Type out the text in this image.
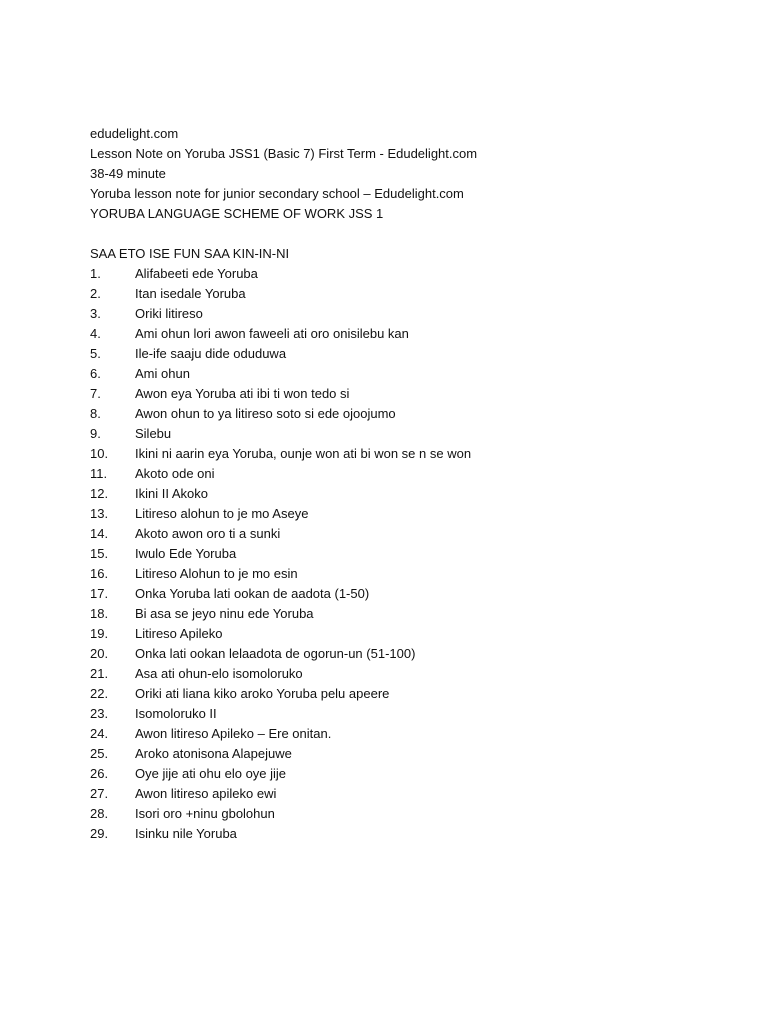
edudelight.com
Lesson Note on Yoruba JSS1 (Basic 7) First Term - Edudelight.com
38-49 minute
Yoruba lesson note for junior secondary school – Edudelight.com
YORUBA LANGUAGE SCHEME OF WORK JSS 1
SAA ETO ISE FUN SAA KIN-IN-NI
1.	Alifabeeti ede Yoruba
2.	Itan isedale Yoruba
3.	Oriki litireso
4.	Ami ohun lori awon faweeli ati oro onisilebu kan
5.	Ile-ife saaju dide oduduwa
6.	Ami ohun
7.	Awon eya Yoruba ati ibi ti won tedo si
8.	Awon ohun to ya litireso soto si ede ojoojumo
9.	Silebu
10.	Ikini ni aarin eya Yoruba, ounje won ati bi won se n se won
11.	Akoto ode oni
12.	Ikini II Akoko
13.	Litireso alohun to je mo Aseye
14.	Akoto awon oro ti a sunki
15.	Iwulo Ede Yoruba
16.	Litireso Alohun to je mo esin
17.	Onka Yoruba lati ookan de aadota (1-50)
18.	Bi asa se jeyo ninu ede Yoruba
19.	Litireso Apileko
20.	Onka lati ookan lelaadota de ogorun-un (51-100)
21.	Asa ati ohun-elo isomoloruko
22.	Oriki ati liana kiko aroko Yoruba pelu apeere
23.	Isomoloruko II
24.	Awon litireso Apileko – Ere onitan.
25.	Aroko atonisona Alapejuwe
26.	Oye jije ati ohu elo oye jije
27.	Awon litireso apileko ewi
28.	Isori oro +ninu gbolohun
29.	Isinku nile Yoruba
